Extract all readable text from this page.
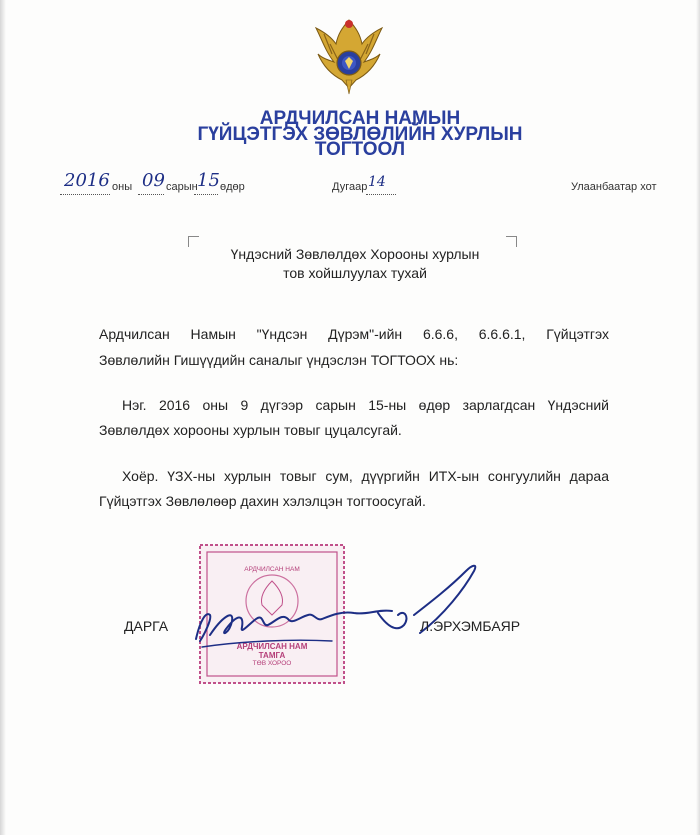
АРДЧИЛСАН НАМЫН
ГҮЙЦЭТГЭХ ЗӨВЛӨЛИЙН ХУРЛЫН
ТОГТООЛ
2016 оны 09 сарын 15 өдөр	Дугаар 14	Улаанбаатар хот
Үндэсний Зөвлөлдөх Хорооны хурлын
тов хойшлуулах тухай
Ардчилсан Намын "Үндсэн Дүрэм"-ийн 6.6.6, 6.6.6.1, Гүйцэтгэх
Зөвлөлийн Гишүүдийн саналыг үндэслэн ТОГТООХ нь:
Нэг. 2016 оны 9 дүгээр сарын 15-ны өдөр зарлагдсан Үндэсний
Зөвлөлдөх хорооны хурлын товыг цуцалсугай.
Хоёр. ҮЗХ-ны хурлын товыг сум, дүүргийн ИТХ-ын сонгуулийн дараа
Гүйцэтгэх Зөвлөлөөр дахин хэлэлцэн тогтоосугай.
АРДЧИЛСАН НАМ
АРДЧИЛСАН НАМ
ТАМГА
ТӨВ ХОРОО
ДАРГА	Л.ЭРХЭМБАЯР
